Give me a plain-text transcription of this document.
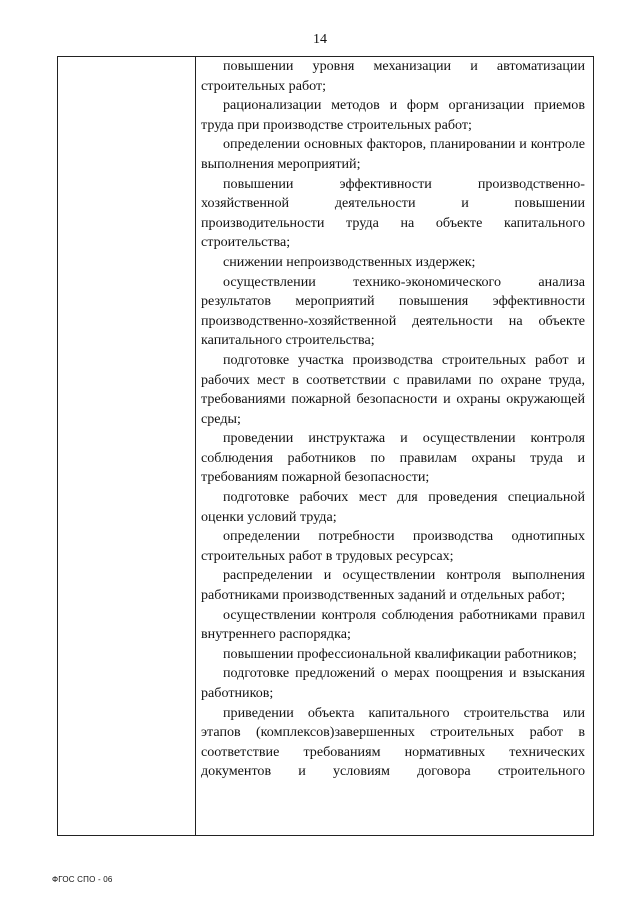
14

повышении уровня механизации и автоматизации строительных работ;

рационализации методов и форм организации приемов труда при производстве строительных работ;

определении основных факторов, планировании и контроле выполнения мероприятий;

повышении эффективности производственно-хозяйственной деятельности и повышении производительности труда на объекте капитального строительства;

снижении непроизводственных издержек;

осуществлении технико-экономического анализа результатов мероприятий повышения эффективности производственно-хозяйственной деятельности на объекте капитального строительства;

подготовке участка производства строительных работ и рабочих мест в соответствии с правилами по охране труда, требованиями пожарной безопасности и охраны окружающей среды;

проведении инструктажа и осуществлении контроля соблюдения работников по правилам охраны труда и требованиям пожарной безопасности;

подготовке рабочих мест для проведения специальной оценки условий труда;

определении потребности производства однотипных строительных работ в трудовых ресурсах;

распределении и осуществлении контроля выполнения работниками производственных заданий и отдельных работ;

осуществлении контроля соблюдения работниками правил внутреннего распорядка;

повышении профессиональной квалификации работников;

подготовке предложений о мерах поощрения и взыскания работников;

приведении объекта капитального строительства или этапов (комплексов)завершенных строительных работ в соответствие требованиям нормативных технических документов и условиям договора строительного

ФГОС СПО - 06
